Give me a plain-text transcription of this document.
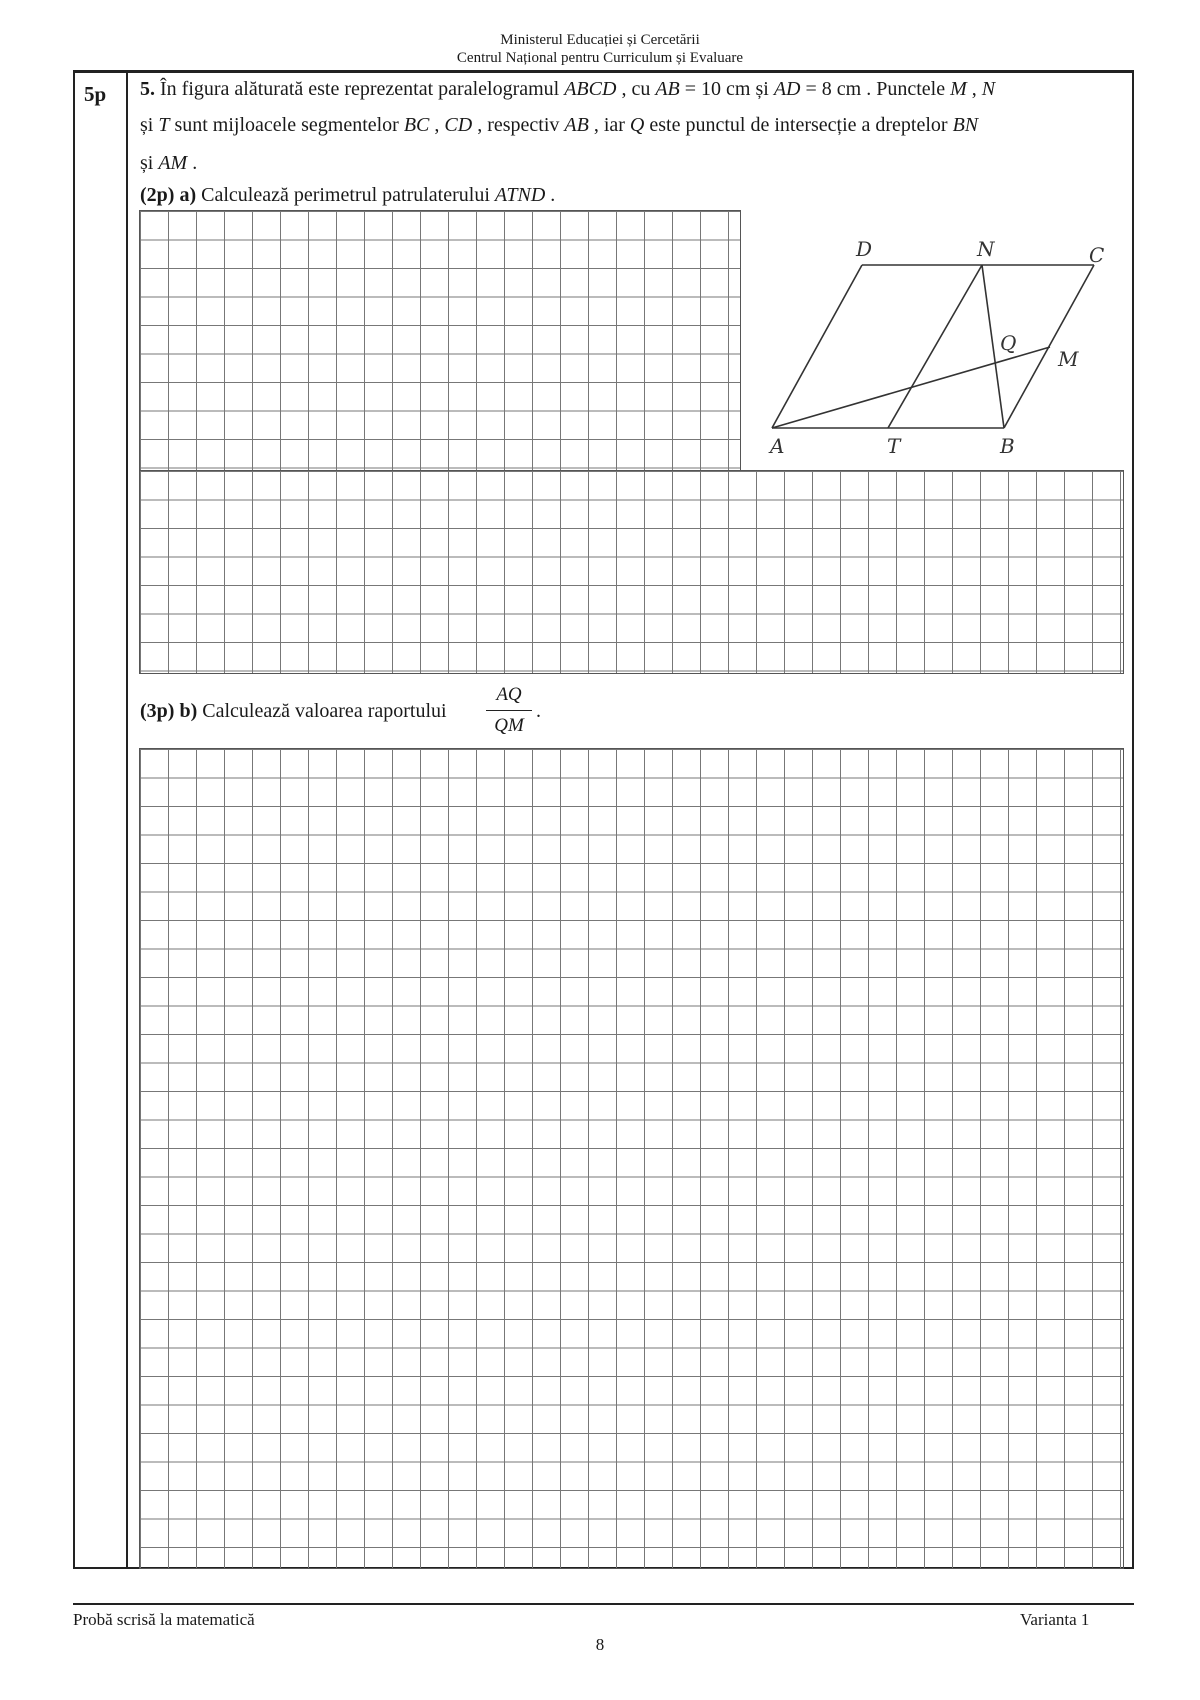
Ministerul Educației și Cercetării
Centrul Național pentru Curriculum și Evaluare
5p 5. În figura alăturată este reprezentat paralelogramul ABCD , cu AB = 10 cm și AD = 8 cm . Punctele M , N
și T sunt mijloacele segmentelor BC , CD , respectiv AB , iar Q este punctul de intersecție a dreptelor BN
și AM .
(2p) a) Calculează perimetrul patrulaterului ATND .
D	N	C
Q
M
A	T	B
(3p) b) Calculează valoarea raportului
AQ
QM
.
Probă scrisă la matematică
8
Varianta 1
